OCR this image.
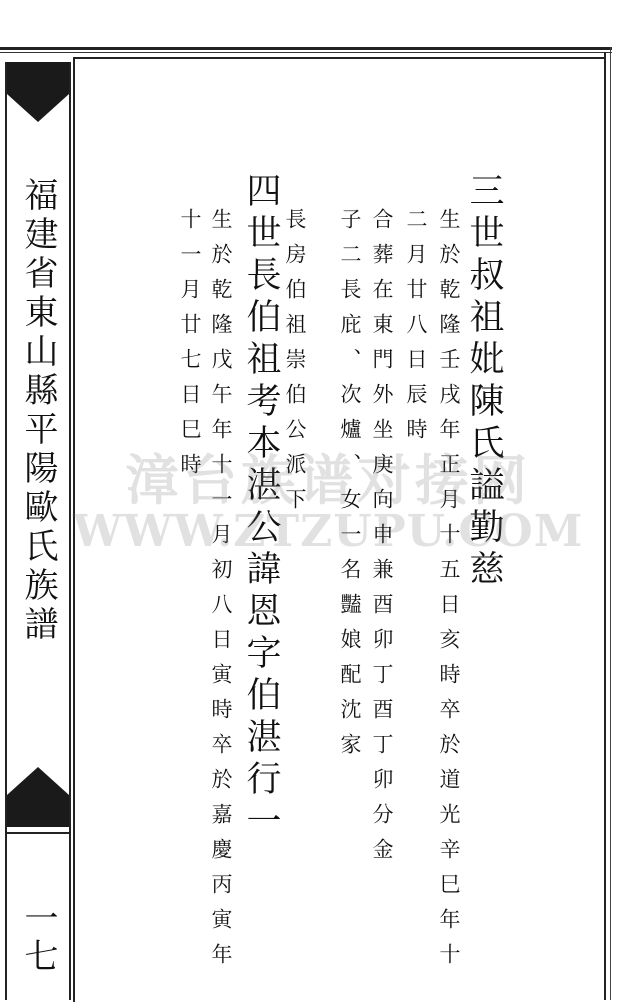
福建省東山縣平陽歐氏族譜
一七
三世叔祖妣陳氏謚勤慈
生於乾隆壬戌年正月十五日亥時卒於道光辛巳年十
二月廿八日辰時
子二長庇、次爐、女一名豔娘配沈家
四世長伯祖考本湛公諱恩字伯湛行一 長房伯祖崇伯公派下
生於乾隆戊午年十一月初八日寅時卒於嘉慶丙寅年
十一月廿七日巳時
漳台族谱对接网
WWW.ZTZUPU.COM
合葬在東門外坐庚向申兼酉卯丁酉丁卯分金
